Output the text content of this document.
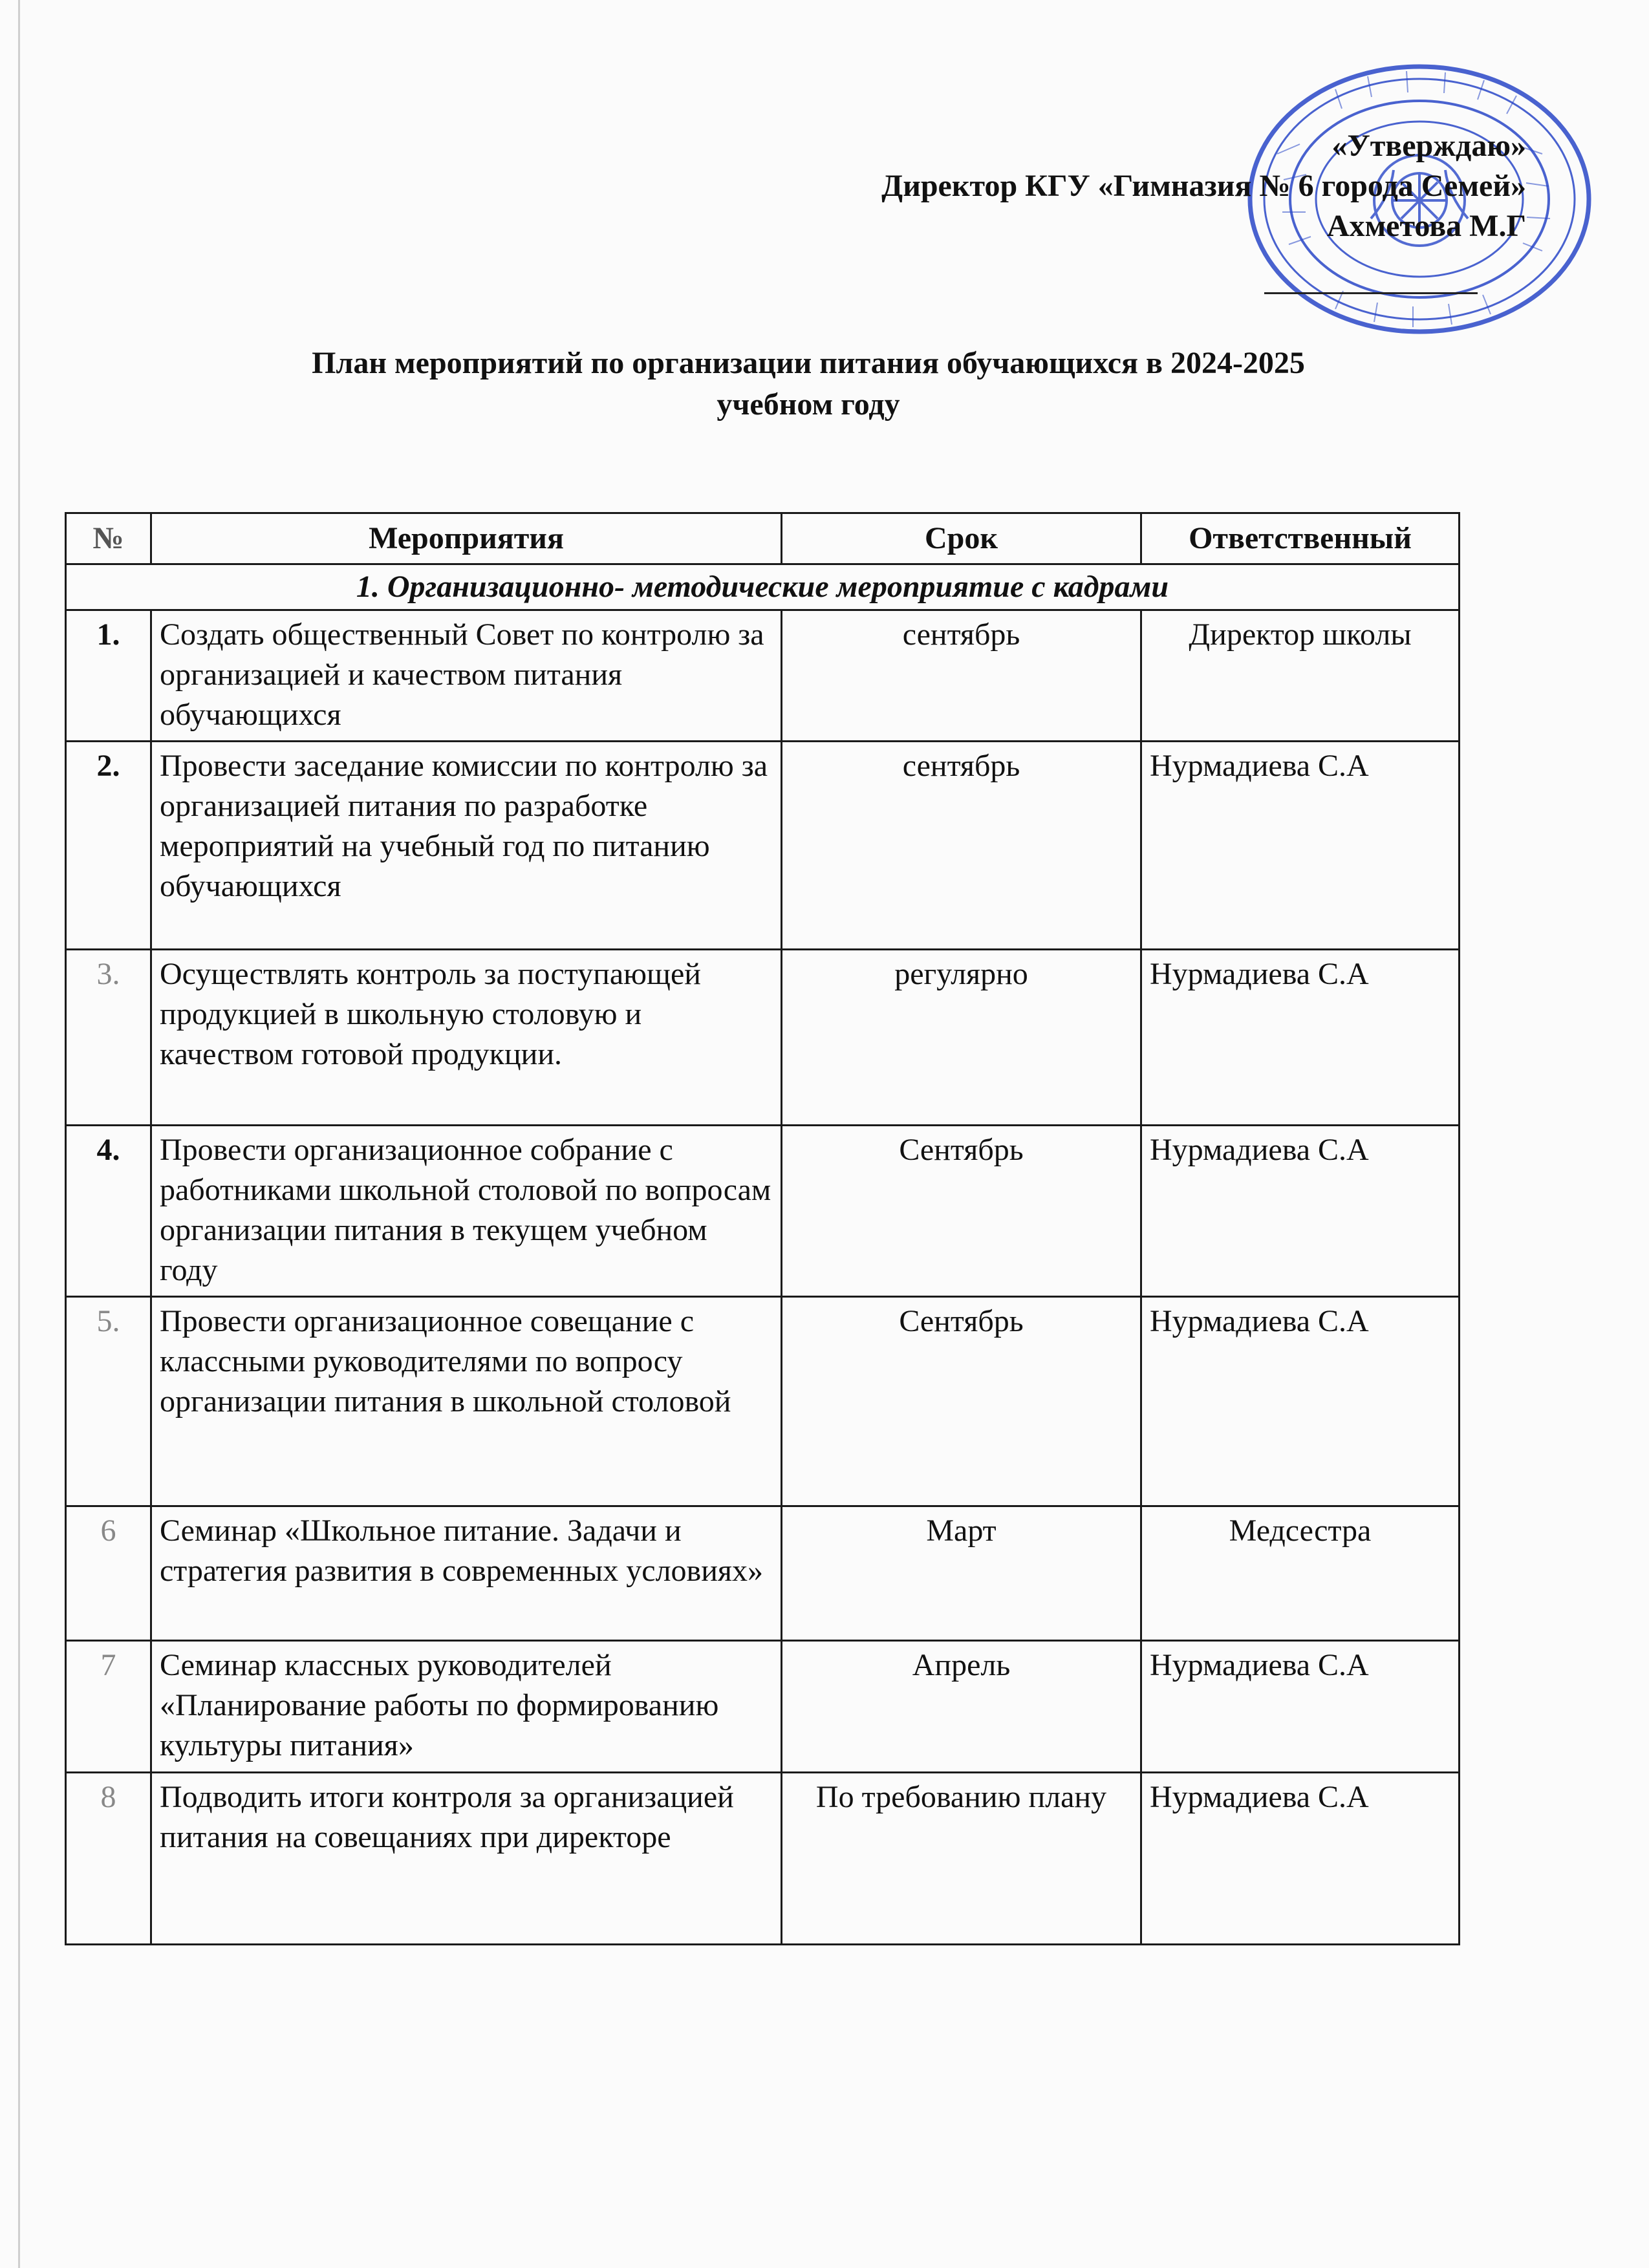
«Утверждаю»
Директор КГУ «Гимназия № 6 города Семей»
Ахметова М.Г
План мероприятий по организации питания обучающихся в 2024-2025
учебном году
№	Мероприятия	Срок	Ответственный
1. Организационно- методические мероприятие с кадрами			
1.	Создать общественный Совет по контролю за организацией и качеством питания обучающихся	сентябрь	Директор школы
2.	Провести заседание комиссии по контролю за организацией питания по разработке мероприятий на учебный год по питанию обучающихся	сентябрь	Нурмадиева С.А
3.	Осуществлять контроль за поступающей продукцией в школьную столовую и качеством готовой продукции.	регулярно	Нурмадиева С.А
4.	Провести организационное собрание с работниками школьной столовой по вопросам организации питания в текущем учебном году	Сентябрь	Нурмадиева С.А
5.	Провести организационное совещание с классными руководителями по вопросу организации питания в школьной столовой	Сентябрь	Нурмадиева С.А
6	Семинар «Школьное питание. Задачи и стратегия развития в современных условиях»	Март	Медсестра
7	Семинар классных руководителей «Планирование работы по формированию культуры питания»	Апрель	Нурмадиева С.А
8	Подводить итоги контроля за организацией питания на совещаниях при директоре	По требованию плану	Нурмадиева С.А
